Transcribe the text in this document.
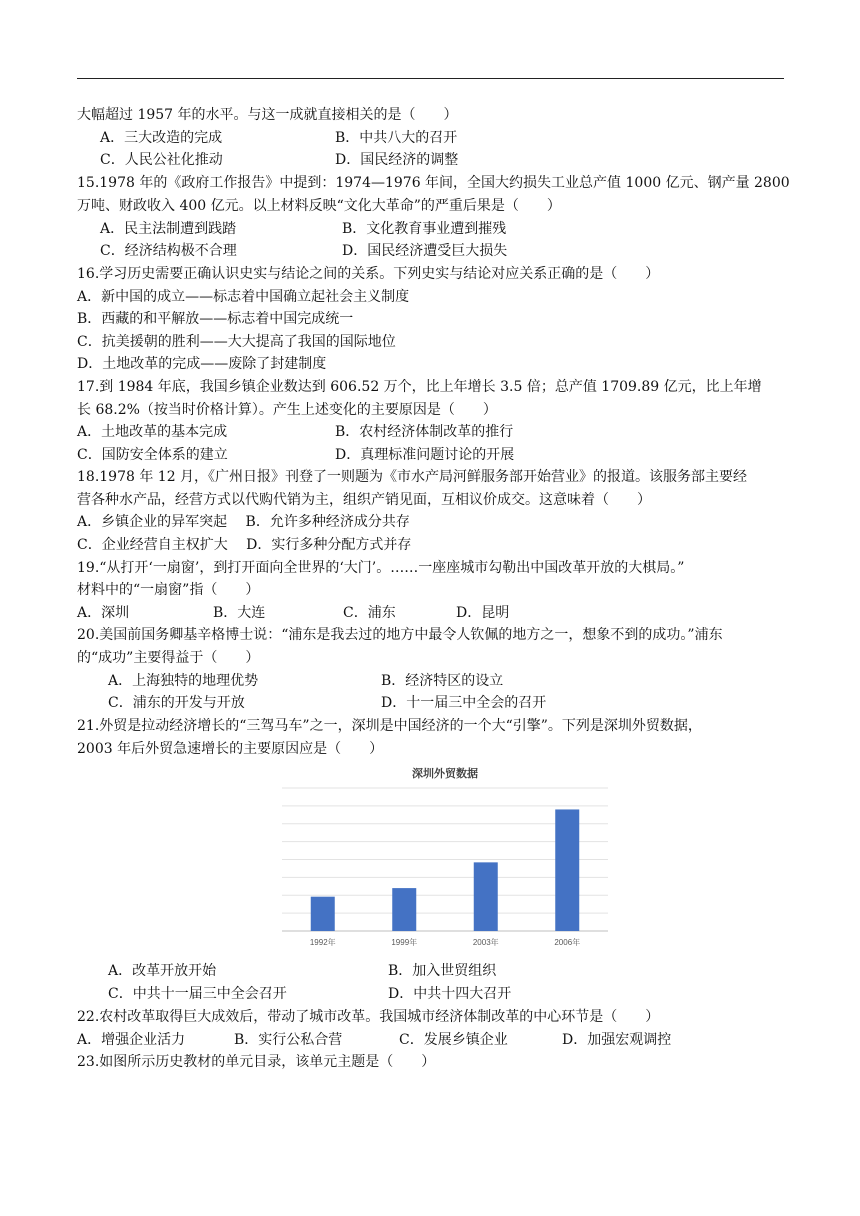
大幅超过 1957 年的水平。与这一成就直接相关的是（　　）
A．三大改造的完成	B．中共八大的召开
C．人民公社化推动	D．国民经济的调整
15.1978 年的《政府工作报告》中提到：1974—1976 年间，全国大约损失工业总产值 1000 亿元、钢产量 2800
万吨、财政收入 400 亿元。以上材料反映“文化大革命”的严重后果是（　　）
A．民主法制遭到践踏	B．文化教育事业遭到摧残
C．经济结构极不合理	D．国民经济遭受巨大损失
16.学习历史需要正确认识史实与结论之间的关系。下列史实与结论对应关系正确的是（　　）
A．新中国的成立——标志着中国确立起社会主义制度
B．西藏的和平解放——标志着中国完成统一
C．抗美援朝的胜利——大大提高了我国的国际地位
D．土地改革的完成——废除了封建制度
17.到 1984 年底，我国乡镇企业数达到 606.52 万个，比上年增长 3.5 倍；总产值 1709.89 亿元，比上年增
长 68.2%（按当时价格计算）。产生上述变化的主要原因是（　　）
A．土地改革的基本完成	B．农村经济体制改革的推行
C．国防安全体系的建立	D．真理标准问题讨论的开展
18.1978 年 12 月，《广州日报》刊登了一则题为《市水产局河鲜服务部开始营业》的报道。该服务部主要经
营各种水产品，经营方式以代购代销为主，组织产销见面，互相议价成交。这意味着（　　）
A．乡镇企业的异军突起　 B．允许多种经济成分共存
C．企业经营自主权扩大　 D．实行多种分配方式并存
19.“从打开‘一扇窗’，到打开面向全世界的‘大门’。……一座座城市勾勒出中国改革开放的大棋局。”
材料中的“一扇窗”指（　　）
A．深圳	B．大连	C．浦东	D．昆明
20.美国前国务卿基辛格博士说：“浦东是我去过的地方中最令人钦佩的地方之一，想象不到的成功。”浦东
的“成功”主要得益于（　　）
A．上海独特的地理优势	B．经济特区的设立
C．浦东的开发与开放	D．十一届三中全会的召开
21.外贸是拉动经济增长的“三驾马车”之一，深圳是中国经济的一个大“引擎”。下列是深圳外贸数据，
2003 年后外贸急速增长的主要原因应是（　　）
深圳外贸数据
1992年	1999年	2003年	2006年
A．改革开放开始	B．加入世贸组织
C．中共十一届三中全会召开	D．中共十四大召开
22.农村改革取得巨大成效后，带动了城市改革。我国城市经济体制改革的中心环节是（　　）
A．增强企业活力	B．实行公私合营	C．发展乡镇企业	D．加强宏观调控
23.如图所示历史教材的单元目录，该单元主题是（　　）
